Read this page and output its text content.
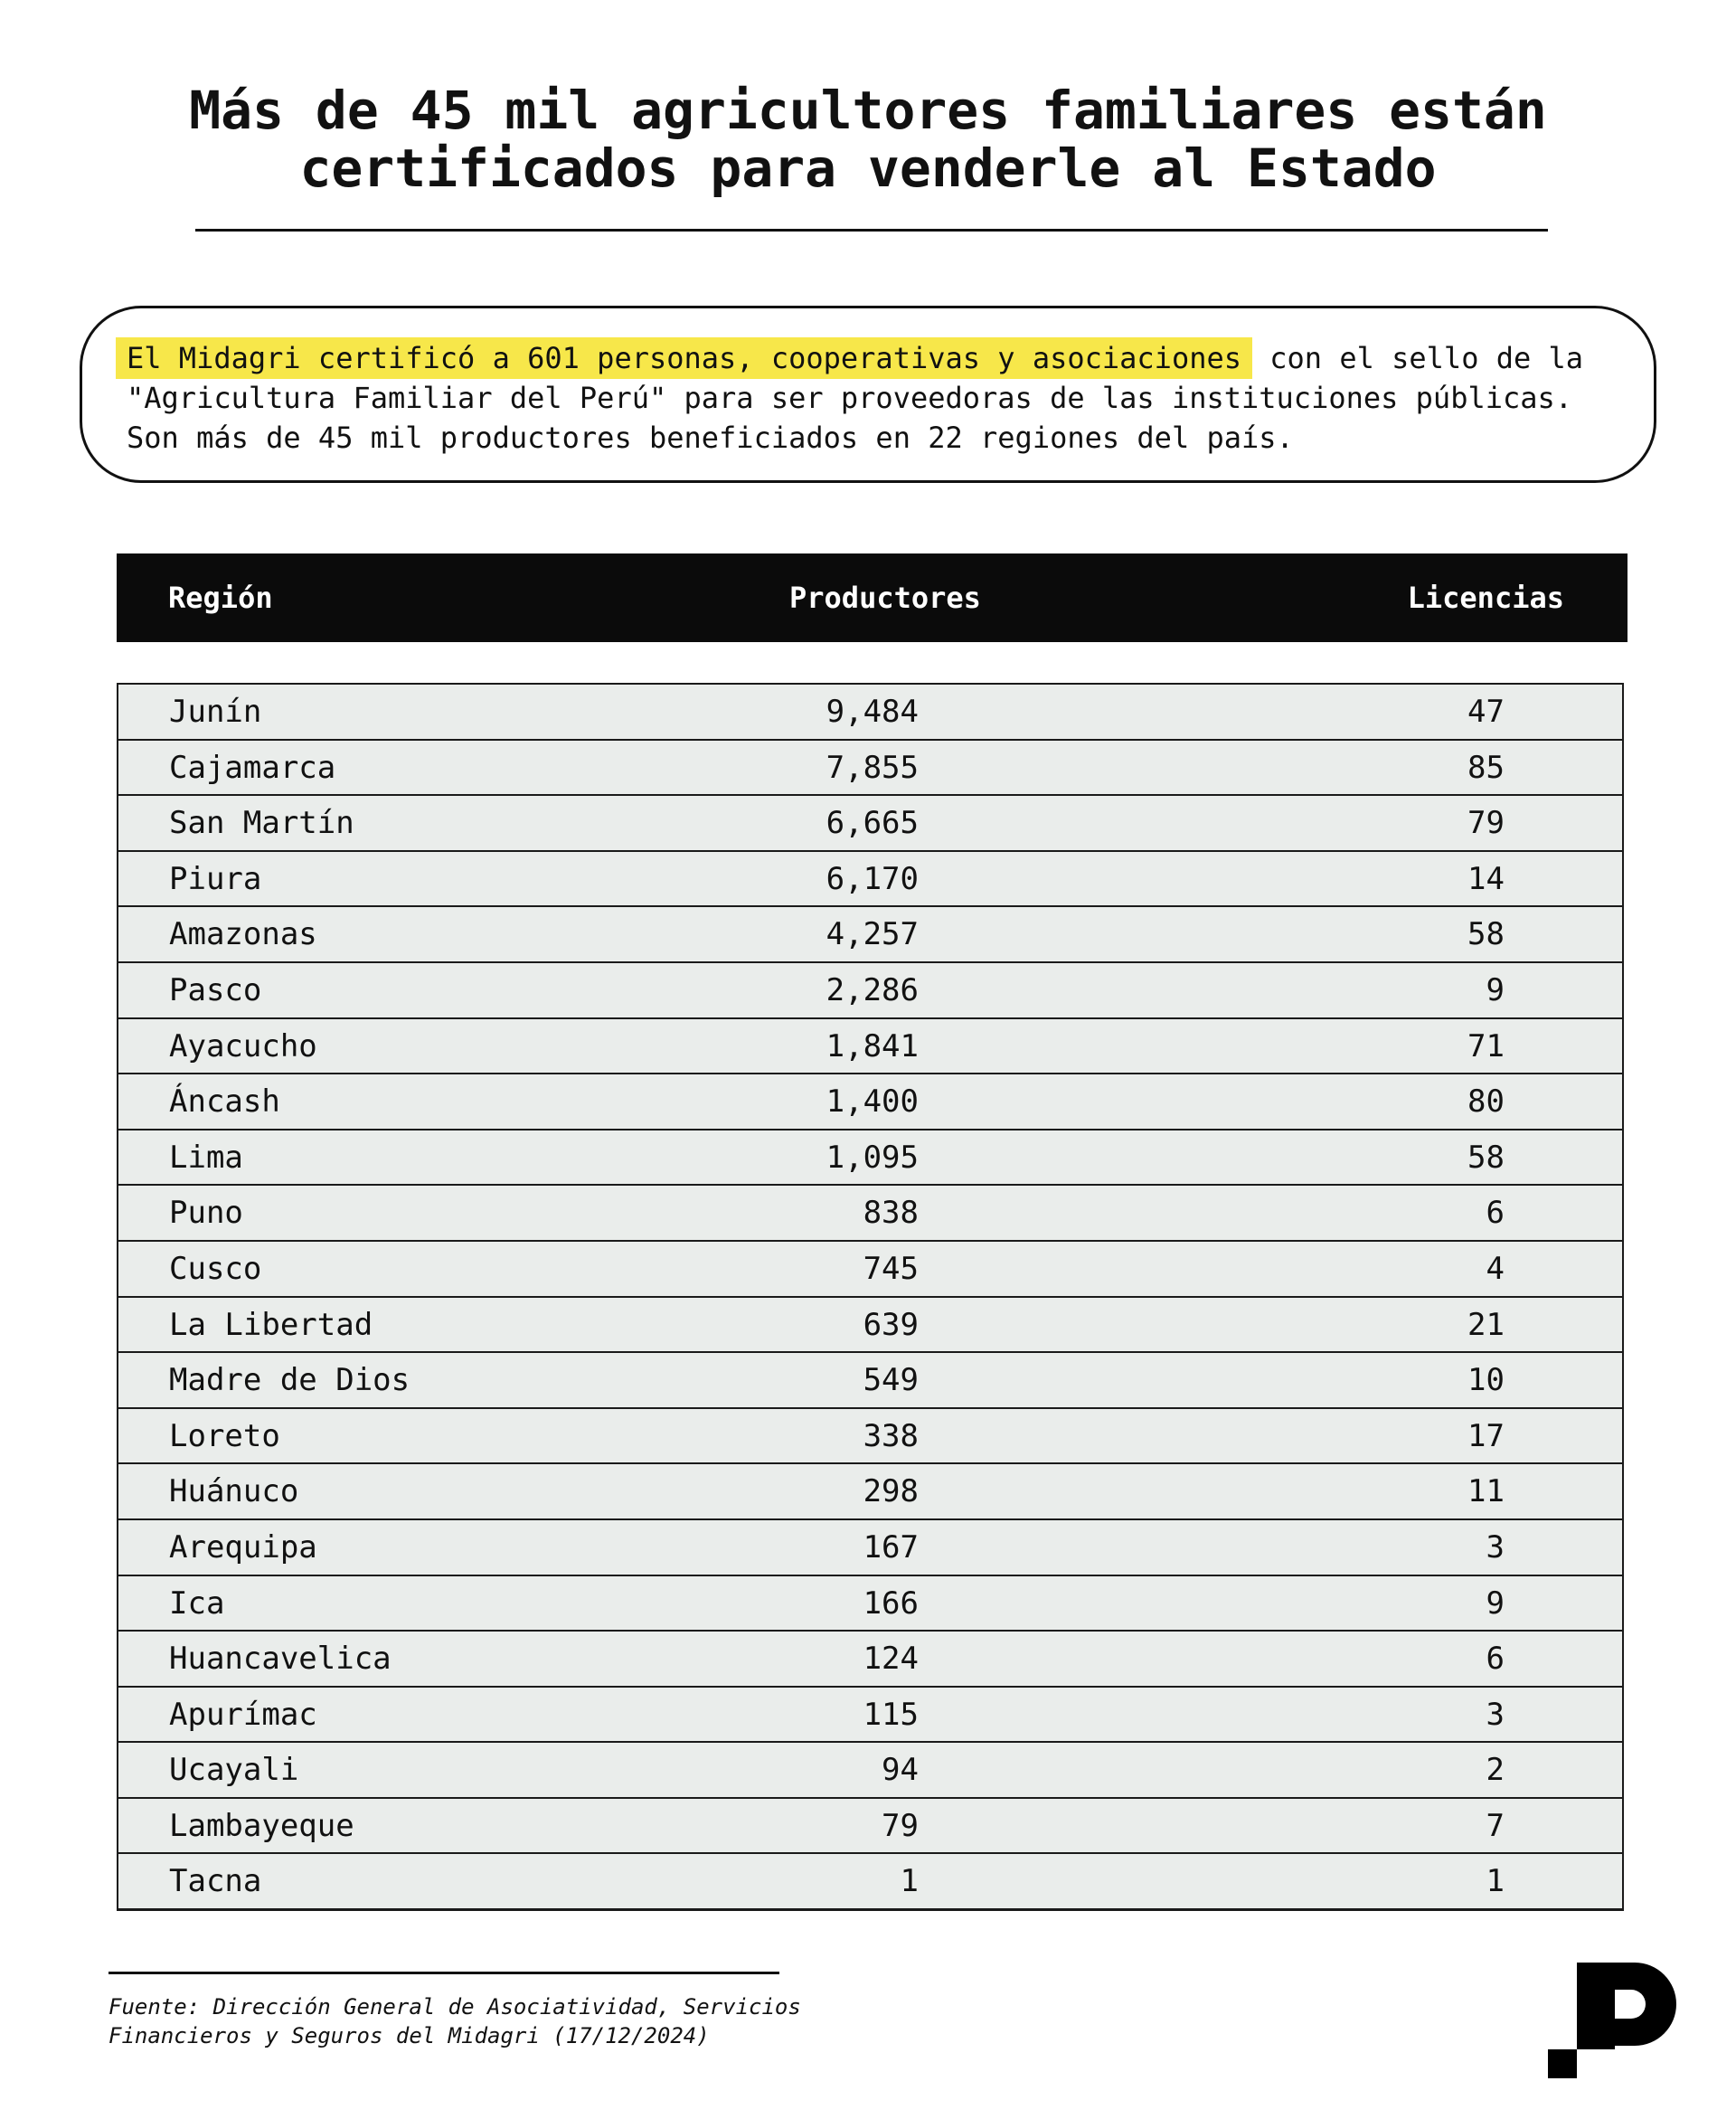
Más de 45 mil agricultores familiares están
certificados para venderle al Estado

El Midagri certificó a 601 personas, cooperativas y asociaciones con el sello de la
"Agricultura Familiar del Perú" para ser proveedoras de las instituciones públicas.
Son más de 45 mil productores beneficiados en 22 regiones del país.

Región	Productores	Licencias
Junín	9,484	47
Cajamarca	7,855	85
San Martín	6,665	79
Piura	6,170	14
Amazonas	4,257	58
Pasco	2,286	9
Ayacucho	1,841	71
Áncash	1,400	80
Lima	1,095	58
Puno	838	6
Cusco	745	4
La Libertad	639	21
Madre de Dios	549	10
Loreto	338	17
Huánuco	298	11
Arequipa	167	3
Ica	166	9
Huancavelica	124	6
Apurímac	115	3
Ucayali	94	2
Lambayeque	79	7
Tacna	1	1

Fuente: Dirección General de Asociatividad, Servicios
Financieros y Seguros del Midagri (17/12/2024)
